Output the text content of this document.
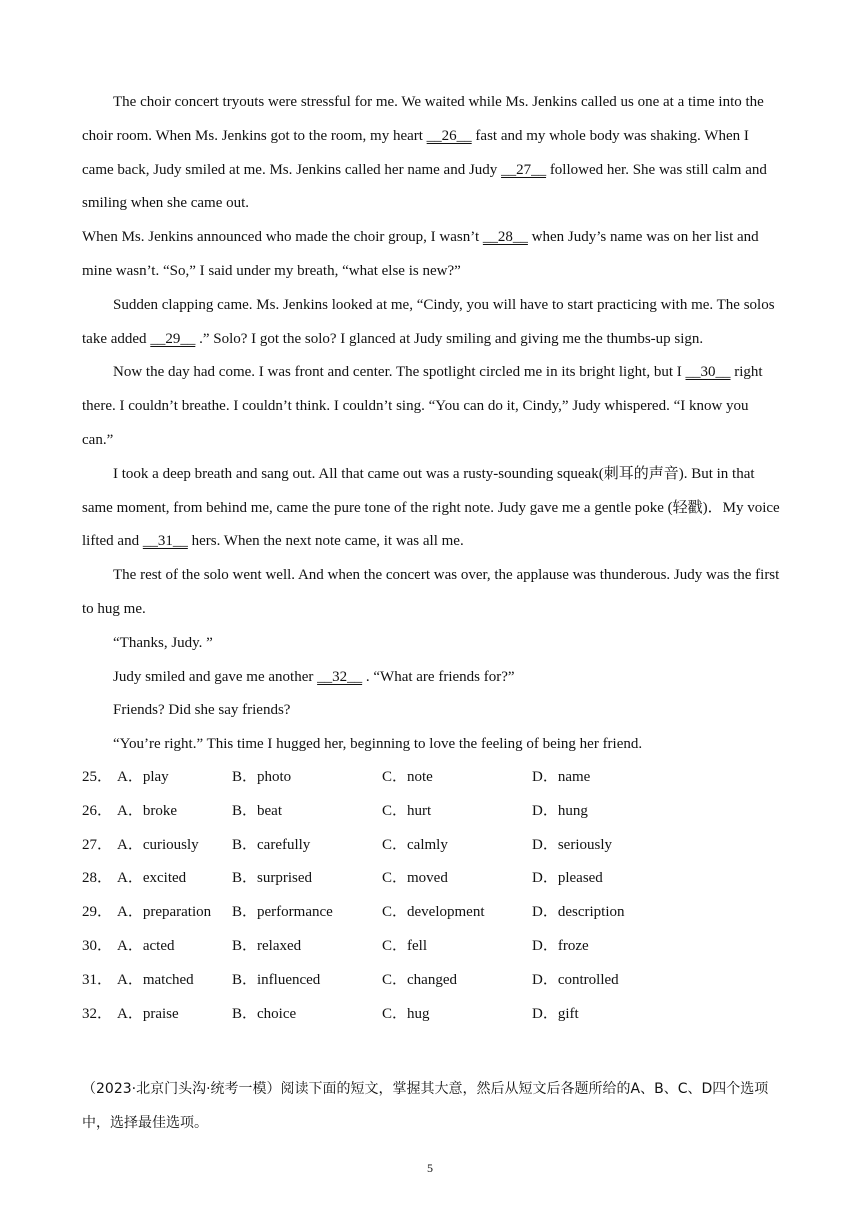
The choir concert tryouts were stressful for me. We waited while Ms. Jenkins called us one at a time into the choir room. When Ms. Jenkins got to the room, my heart __26__ fast and my whole body was shaking. When I came back, Judy smiled at me. Ms. Jenkins called her name and Judy __27__ followed her. She was still calm and smiling when she came out.

When Ms. Jenkins announced who made the choir group, I wasn’t __28__ when Judy’s name was on her list and mine wasn’t. “So,” I said under my breath, “what else is new?”

Sudden clapping came. Ms. Jenkins looked at me, “Cindy, you will have to start practicing with me. The solos take added __29__ .” Solo? I got the solo? I glanced at Judy smiling and giving me the thumbs-up sign.

Now the day had come. I was front and center. The spotlight circled me in its bright light, but I __30__ right there. I couldn’t breathe. I couldn’t think. I couldn’t sing. “You can do it, Cindy,” Judy whispered. “I know you can.”

I took a deep breath and sang out. All that came out was a rusty-sounding squeak(刺耳的声音). But in that same moment, from behind me, came the pure tone of the right note. Judy gave me a gentle poke (轻戳)．My voice lifted and __31__ hers. When the next note came, it was all me.

The rest of the solo went well. And when the concert was over, the applause was thunderous. Judy was the first to hug me.

“Thanks, Judy. ”

Judy smiled and gave me another __32__ . “What are friends for?”

Friends? Did she say friends?

“You’re right.” This time I hugged her, beginning to love the feeling of being her friend.

25． A．play	B．photo	C．note	D．name
26． A．broke	B．beat	C．hurt	D．hung
27． A．curiously B．carefully	C．calmly	D．seriously
28． A．excited	B．surprised	C．moved	D．pleased
29． A．preparation B．performance	C．development	D．description
30． A．acted	B．relaxed	C．fell	D．froze
31． A．matched	B．influenced	C．changed	D．controlled
32． A．praise	B．choice	C．hug	D．gift
（2023·北京门头沟·统考一模）阅读下面的短文，掌握其大意，然后从短文后各题所给的A、B、C、D四个选项中，选择最佳选项。
5
